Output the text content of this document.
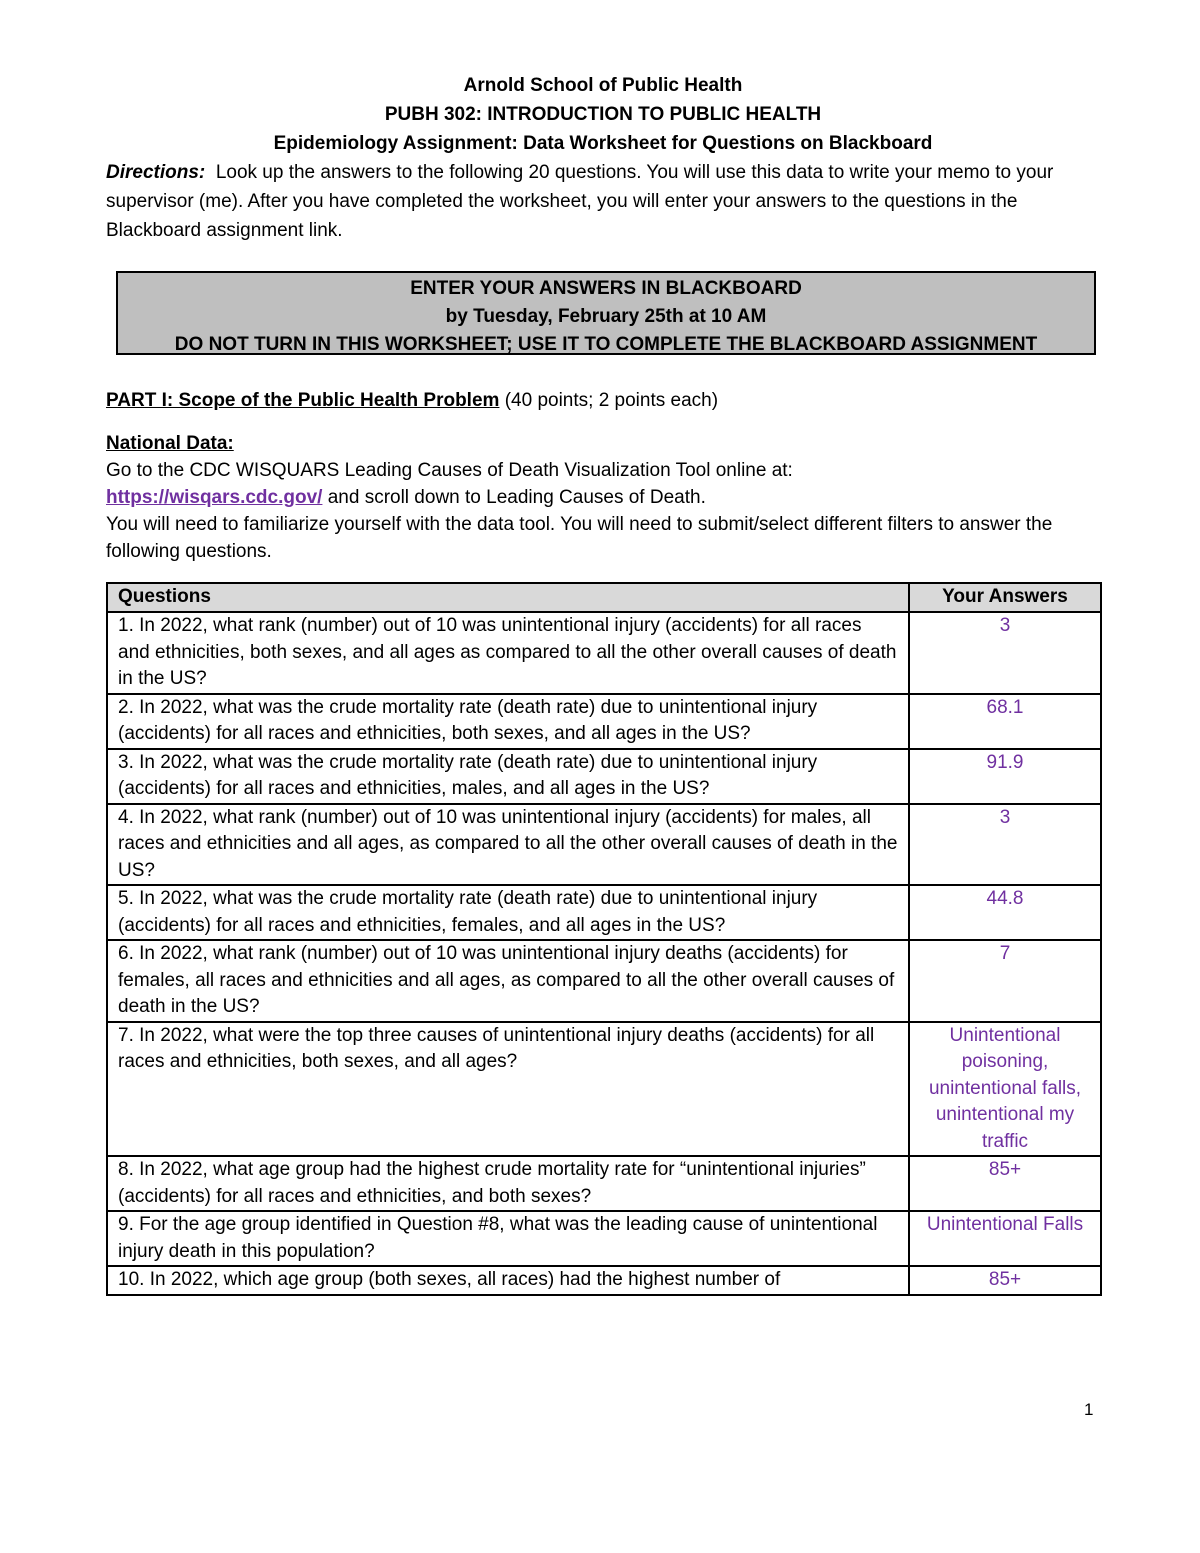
Arnold School of Public Health
PUBH 302: INTRODUCTION TO PUBLIC HEALTH
Epidemiology Assignment: Data Worksheet for Questions on Blackboard
Directions: Look up the answers to the following 20 questions. You will use this data to write your memo to your supervisor (me). After you have completed the worksheet, you will enter your answers to the questions in the Blackboard assignment link.
ENTER YOUR ANSWERS IN BLACKBOARD
by Tuesday, February 25th at 10 AM
DO NOT TURN IN THIS WORKSHEET; USE IT TO COMPLETE THE BLACKBOARD ASSIGNMENT
PART I: Scope of the Public Health Problem (40 points; 2 points each)
National Data:
Go to the CDC WISQUARS Leading Causes of Death Visualization Tool online at:
https://wisqars.cdc.gov/ and scroll down to Leading Causes of Death.
You will need to familiarize yourself with the data tool. You will need to submit/select different filters to answer the following questions.
Questions	Your Answers
1. In 2022, what rank (number) out of 10 was unintentional injury (accidents) for all races and ethnicities, both sexes, and all ages as compared to all the other overall causes of death in the US?	3
2. In 2022, what was the crude mortality rate (death rate) due to unintentional injury (accidents) for all races and ethnicities, both sexes, and all ages in the US?	68.1
3. In 2022, what was the crude mortality rate (death rate) due to unintentional injury (accidents) for all races and ethnicities, males, and all ages in the US?	91.9
4. In 2022, what rank (number) out of 10 was unintentional injury (accidents) for males, all races and ethnicities and all ages, as compared to all the other overall causes of death in the US?	3
5. In 2022, what was the crude mortality rate (death rate) due to unintentional injury (accidents) for all races and ethnicities, females, and all ages in the US?	44.8
6. In 2022, what rank (number) out of 10 was unintentional injury deaths (accidents) for females, all races and ethnicities and all ages, as compared to all the other overall causes of death in the US?	7
7. In 2022, what were the top three causes of unintentional injury deaths (accidents) for all races and ethnicities, both sexes, and all ages?	Unintentional poisoning, unintentional falls, unintentional my traffic
8. In 2022, what age group had the highest crude mortality rate for “unintentional injuries” (accidents) for all races and ethnicities, and both sexes?	85+
9. For the age group identified in Question #8, what was the leading cause of unintentional injury death in this population?	Unintentional Falls
10. In 2022, which age group (both sexes, all races) had the highest number of	85+
1
